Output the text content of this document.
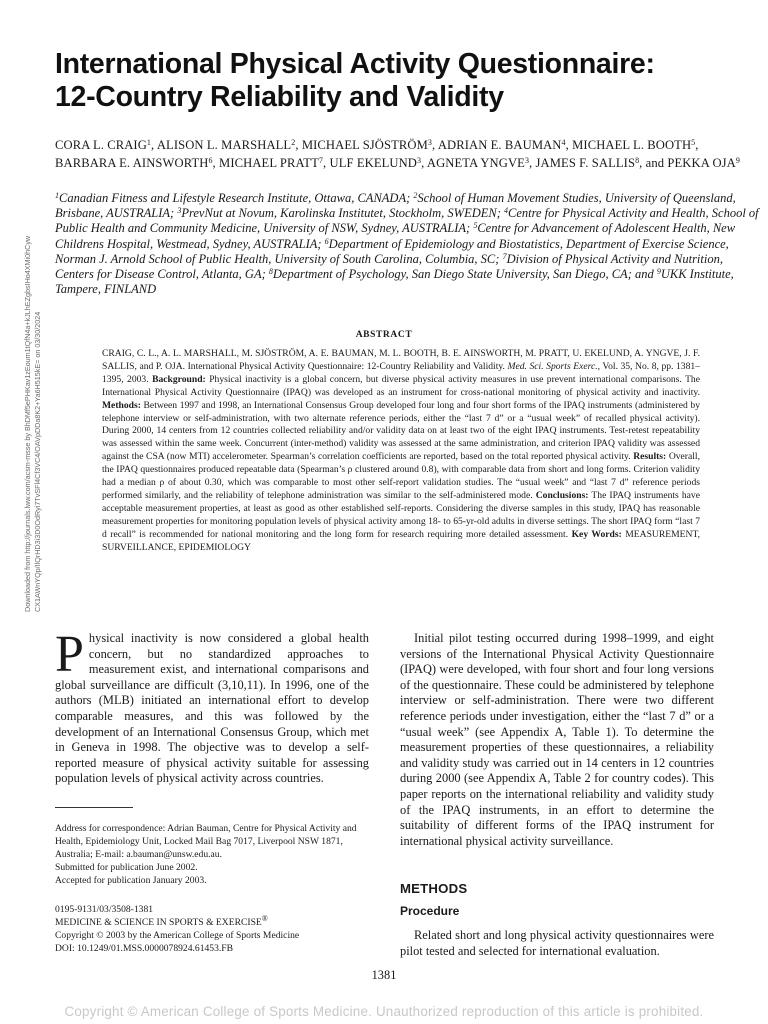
International Physical Activity Questionnaire:
12-Country Reliability and Validity
CORA L. CRAIG$^1$, ALISON L. MARSHALL$^2$, MICHAEL SJÖSTRÖM$^3$, ADRIAN E. BAUMAN$^4$, MICHAEL L. BOOTH$^5$, BARBARA E. AINSWORTH$^6$, MICHAEL PRATT$^7$, ULF EKELUND$^3$, AGNETA YNGVE$^3$, JAMES F. SALLIS$^8$, and PEKKA OJA$^9$
$^1$Canadian Fitness and Lifestyle Research Institute, Ottawa, CANADA; $^2$School of Human Movement Studies, University of Queensland, Brisbane, AUSTRALIA; $^3$PrevNut at Novum, Karolinska Institutet, Stockholm, SWEDEN; $^4$Centre for Physical Activity and Health, School of Public Health and Community Medicine, University of NSW, Sydney, AUSTRALIA; $^5$Centre for Advancement of Adolescent Health, New Childrens Hospital, Westmead, Sydney, AUSTRALIA; $^6$Department of Epidemiology and Biostatistics, Department of Exercise Science, Norman J. Arnold School of Public Health, University of South Carolina, Columbia, SC; $^7$Division of Physical Activity and Nutrition, Centers for Disease Control, Atlanta, GA; $^8$Department of Psychology, San Diego State University, San Diego, CA; and $^9$UKK Institute, Tampere, FINLAND
Downloaded from http://journals.lww.com/acsm-msse by BhDMf5ePHKav1zEoum1tQfN4a+kJLhEZgbsIHo4XMi0hCyw CX1AWnYQp/IlQrHD3i3D0OdRyi7TvSFl4Cf3VC4/OAVpDDa8K2+Ya6H515kE= on 03/30/2024	ABSTRACT
CRAIG, C. L., A. L. MARSHALL, M. SJÖSTRÖM, A. E. BAUMAN, M. L. BOOTH, B. E. AINSWORTH, M. PRATT, U. EKELUND, A. YNGVE, J. F. SALLIS, and P. OJA. International Physical Activity Questionnaire: 12-Country Reliability and Validity. Med. Sci. Sports Exerc., Vol. 35, No. 8, pp. 1381–1395, 2003. Background: Physical inactivity is a global concern, but diverse physical activity measures in use prevent international comparisons. The International Physical Activity Questionnaire (IPAQ) was developed as an instrument for cross-national monitoring of physical activity and inactivity. Methods: Between 1997 and 1998, an International Consensus Group developed four long and four short forms of the IPAQ instruments (administered by telephone interview or self-administration, with two alternate reference periods, either the “last 7 d” or a “usual week” of recalled physical activity). During 2000, 14 centers from 12 countries collected reliability and/or validity data on at least two of the eight IPAQ instruments. Test-retest repeatability was assessed within the same week. Concurrent (inter-method) validity was assessed at the same administration, and criterion IPAQ validity was assessed against the CSA (now MTI) accelerometer. Spearman’s correlation coefficients are reported, based on the total reported physical activity. Results: Overall, the IPAQ questionnaires produced repeatable data (Spearman’s ρ clustered around 0.8), with comparable data from short and long forms. Criterion validity had a median ρ of about 0.30, which was comparable to most other self-report validation studies. The “usual week” and “last 7 d” reference periods performed similarly, and the reliability of telephone administration was similar to the self-administered mode. Conclusions: The IPAQ instruments have acceptable measurement properties, at least as good as other established self-reports. Considering the diverse samples in this study, IPAQ has reasonable measurement properties for monitoring population levels of physical activity among 18- to 65-yr-old adults in diverse settings. The short IPAQ form “last 7 d recall” is recommended for national monitoring and the long form for research requiring more detailed assessment. Key Words: MEASUREMENT, SURVEILLANCE, EPIDEMIOLOGY

Physical inactivity is now considered a global health concern, but no standardized approaches to measurement exist, and international comparisons and global surveillance are difficult (3,10,11). In 1996, one of the authors (MLB) initiated an international effort to develop comparable measures, and this was followed by the development of an International Consensus Group, which met in Geneva in 1998. The objective was to develop a self-reported measure of physical activity suitable for assessing population levels of physical activity across countries.

Address for correspondence: Adrian Bauman, Centre for Physical Activity and Health, Epidemiology Unit, Locked Mail Bag 7017, Liverpool NSW 1871, Australia; E-mail: a.bauman@unsw.edu.au.
Submitted for publication June 2002.
Accepted for publication January 2003.
0195-9131/03/3508-1381
MEDICINE & SCIENCE IN SPORTS & EXERCISE®
Copyright © 2003 by the American College of Sports Medicine
DOI: 10.1249/01.MSS.0000078924.61453.FB

Initial pilot testing occurred during 1998–1999, and eight versions of the International Physical Activity Questionnaire (IPAQ) were developed, with four short and four long versions of the questionnaire. These could be administered by telephone interview or self-administration. There were two different reference periods under investigation, either the “last 7 d” or a “usual week” (see Appendix A, Table 1). To determine the measurement properties of these questionnaires, a reliability and validity study was carried out in 14 centers in 12 countries during 2000 (see Appendix A, Table 2 for country codes). This paper reports on the international reliability and validity study of the IPAQ instruments, in an effort to determine the suitability of different forms of the IPAQ instrument for international physical activity surveillance.

METHODS
Procedure
Related short and long physical activity questionnaires were pilot tested and selected for international evaluation.
1381
Copyright © American College of Sports Medicine. Unauthorized reproduction of this article is prohibited.
